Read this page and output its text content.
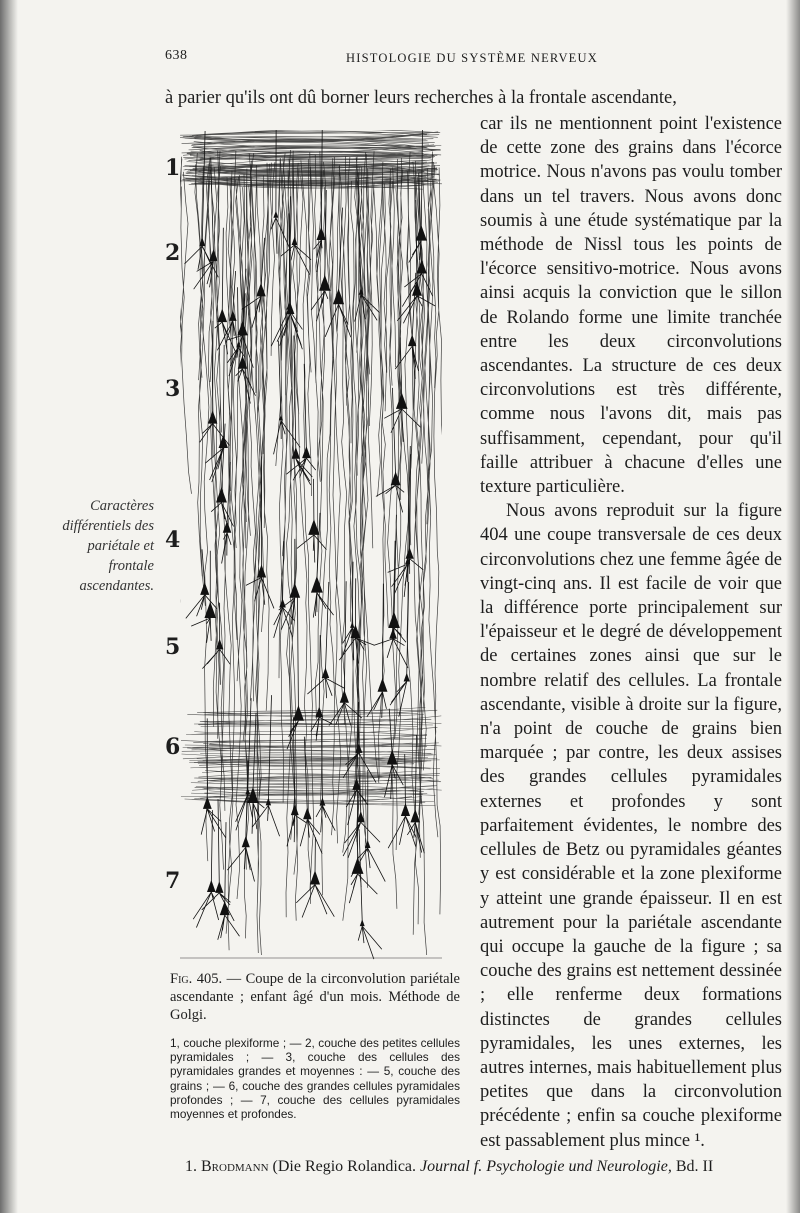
638	HISTOLOGIE DU SYSTÈME NERVEUX
à parier qu'ils ont dû borner leurs recherches à la frontale ascendante,
Caractères différentiels des pariétale et frontale ascendantes.
1
2
3
4
5
6
7
Fig. 405. — Coupe de la circonvolution pariétale ascendante ; enfant âgé d'un mois. Méthode de Golgi.
1, couche plexiforme ; — 2, couche des petites cellules pyramidales ; — 3, couche des cellules des pyramidales grandes et moyennes : — 5, couche des grains ; — 6, couche des grandes cellules pyramidales profondes ; — 7, couche des cellules pyramidales moyennes et profondes.

car ils ne mentionnent point l'existence de cette zone des grains dans l'écorce motrice. Nous n'avons pas voulu tomber dans un tel travers. Nous avons donc soumis à une étude systématique par la méthode de Nissl tous les points de l'écorce sensitivo-motrice. Nous avons ainsi acquis la conviction que le sillon de Rolando forme une limite tranchée entre les deux circonvolutions ascendantes. La structure de ces deux circonvolutions est très différente, comme nous l'avons dit, mais pas suffisamment, cependant, pour qu'il faille attribuer à chacune d'elles une texture particulière.

Nous avons reproduit sur la figure 404 une coupe transversale de ces deux circonvolutions chez une femme âgée de vingt-cinq ans. Il est facile de voir que la différence porte principalement sur l'épaisseur et le degré de développement de certaines zones ainsi que sur le nombre relatif des cellules. La frontale ascendante, visible à droite sur la figure, n'a point de couche de grains bien marquée ; par contre, les deux assises des grandes cellules pyramidales externes et profondes y sont parfaitement évidentes, le nombre des cellules de Betz ou pyramidales géantes y est considérable et la zone plexiforme y atteint une grande épaisseur. Il en est autrement pour la pariétale ascendante qui occupe la gauche de la figure ; sa couche des grains est nettement dessinée ; elle renferme deux formations distinctes de grandes cellules pyramidales, les unes externes, les autres internes, mais habituellement plus petites que dans la circonvolution précédente ; enfin sa couche plexiforme est passablement plus mince ¹.

1. Brodmann (Die Regio Rolandica. Journal f. Psychologie und Neurologie, Bd. II
